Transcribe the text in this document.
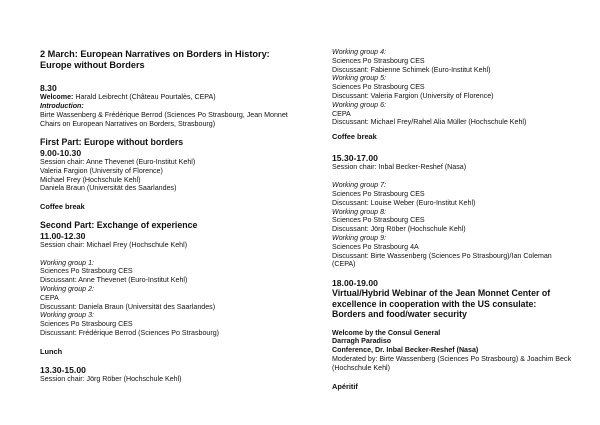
2 March: European Narratives on Borders in History: Europe without Borders
8.30
Welcome: Harald Leibrecht (Château Pourtalès, CEPA)
Introduction:
Birte Wassenberg & Frédérique Berrod (Sciences Po Strasbourg, Jean Monnet Chairs on European Narratives on Borders, Strasbourg)
First Part: Europe without borders
9.00-10.30
Session chair: Anne Thevenet (Euro-Institut Kehl)
Valeria Fargion (University of Florence)
Michael Frey (Hochschule Kehl)
Daniela Braun (Universität des Saarlandes)
Coffee break
Second Part: Exchange of experience
11.00-12.30
Session chair: Michael Frey (Hochschule Kehl)
Working group 1:
Sciences Po Strasbourg CES
Discussant: Anne Thevenet (Euro-Institut Kehl)
Working group 2:
CEPA
Discussant: Daniela Braun (Universität des Saarlandes)
Working group 3:
Sciences Po Strasbourg CES
Discussant: Frédérique Berrod (Sciences Po Strasbourg)
Lunch
13.30-15.00
Session chair: Jörg Röber (Hochschule Kehl)
Working group 4:
Sciences Po Strasbourg CES
Discussant: Fabienne Schimek (Euro-Institut Kehl)
Working group 5:
Sciences Po Strasbourg CES
Discussant: Valeria Fargion (University of Florence)
Working group 6:
CEPA
Discussant: Michael Frey/Rahel Alia Müller (Hochschule Kehl)
Coffee break
15.30-17.00
Session chair: Inbal Becker-Reshef (Nasa)
Working group 7:
Sciences Po Strasbourg CES
Discussant: Louise Weber (Euro-Institut Kehl)
Working group 8:
Sciences Po Strasbourg CES
Discussant: Jörg Röber (Hochschule Kehl)
Working group 9:
Sciences Po Strasbourg 4A
Discussant: Birte Wassenberg (Sciences Po Strasbourg)/Ian Coleman (CEPA)
18.00-19.00
Virtual/Hybrid Webinar of the Jean Monnet Center of excellence in cooperation with the US consulate: Borders and food/water security
Welcome by the Consul General
Darragh Paradiso
Conference, Dr. Inbal Becker-Reshef (Nasa)
Moderated by: Birte Wassenberg (Sciences Po Strasbourg) & Joachim Beck (Hochschule Kehl)
Apéritif
